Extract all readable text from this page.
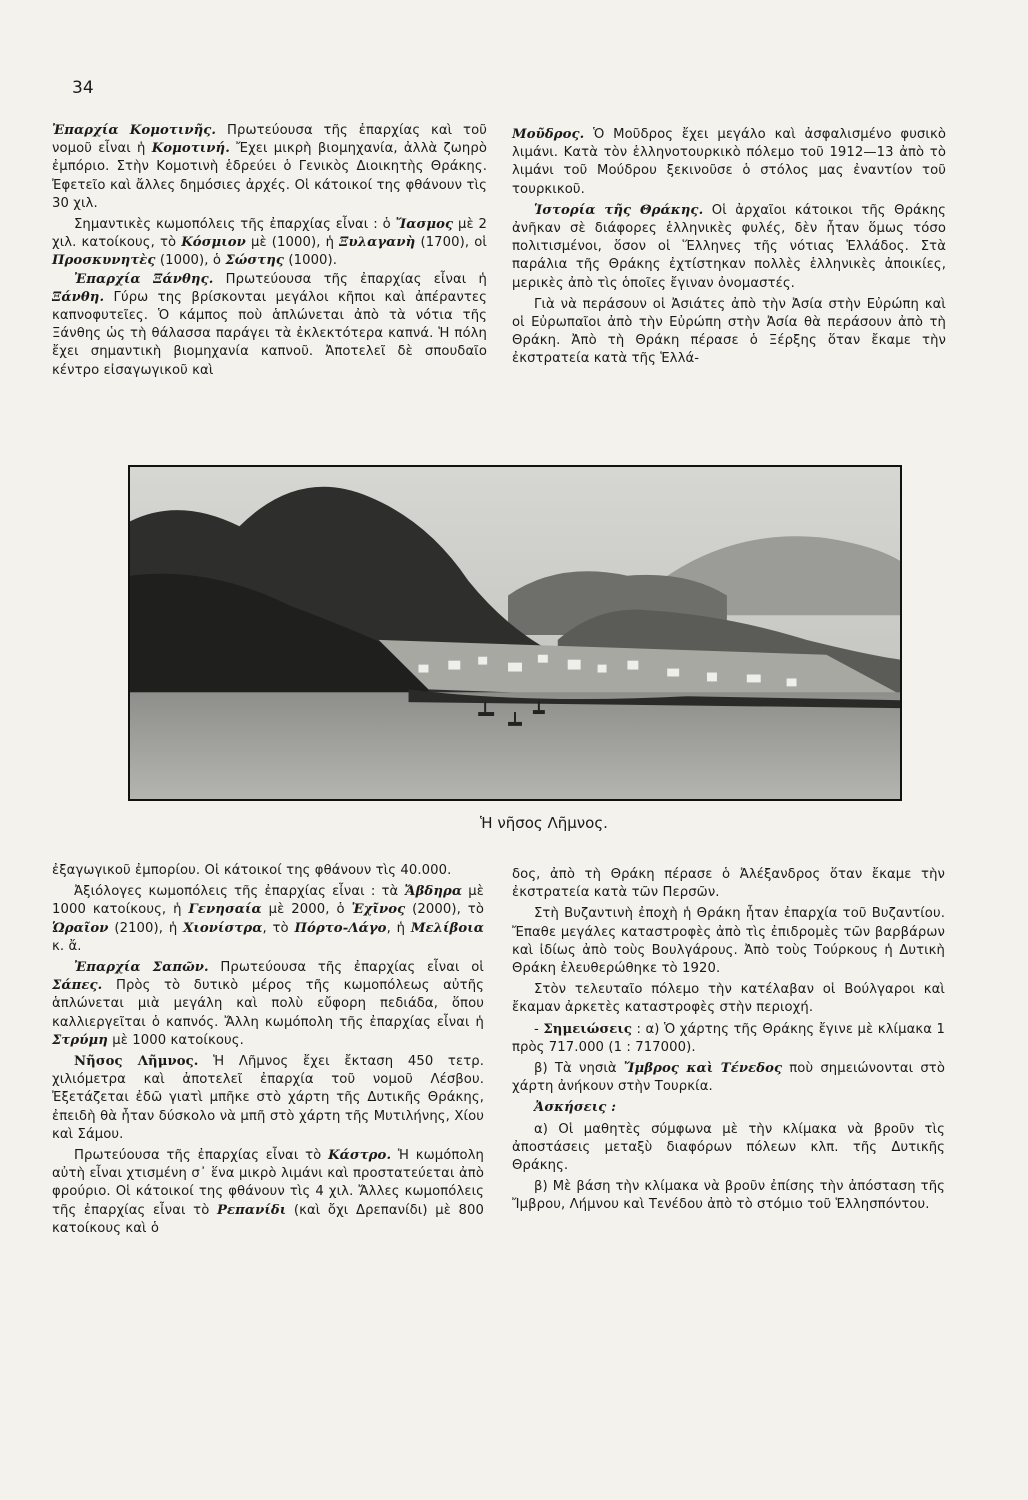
34

Ἐπαρχία Κομοτινῆς. Πρωτεύουσα τῆς ἐπαρχίας καὶ τοῦ νομοῦ εἶναι ἡ Κομοτινή. Ἔχει μικρὴ βιομηχανία, ἀλλὰ ζωηρὸ ἐμπόριο. Στὴν Κομοτινὴ ἑδρεύει ὁ Γενικὸς Διοικητὴς Θράκης. Ἐφετεῖο καὶ ἄλλες δημόσιες ἀρχές. Οἱ κάτοικοί της φθάνουν τὶς 30 χιλ.

Σημαντικὲς κωμοπόλεις τῆς ἐπαρχίας εἶναι : ὁ Ἴασμος μὲ 2 χιλ. κατοίκους, τὸ Κόσμιον μὲ (1000), ἡ Ξυλαγανὴ (1700), οἱ Προσκυνητὲς (1000), ὁ Σώστης (1000).

Ἐπαρχία Ξάνθης. Πρωτεύουσα τῆς ἐπαρχίας εἶναι ἡ Ξάνθη. Γύρω της βρίσκονται μεγάλοι κῆποι καὶ ἀπέραντες καπνοφυτεῖες. Ὁ κάμπος ποὺ ἁπλώνεται ἀπὸ τὰ νότια τῆς Ξάνθης ὡς τὴ θάλασσα παράγει τὰ ἐκλεκτότερα καπνά. Ἡ πόλη ἔχει σημαντικὴ βιομηχανία καπνοῦ. Ἀποτελεῖ δὲ σπουδαῖο κέντρο εἰσαγωγικοῦ καὶ

Μοῦδρος. Ὁ Μοῦδρος ἔχει μεγάλο καὶ ἀσφαλισμένο φυσικὸ λιμάνι. Κατὰ τὸν ἑλληνοτουρκικὸ πόλεμο τοῦ 1912—13 ἀπὸ τὸ λιμάνι τοῦ Μούδρου ξεκινοῦσε ὁ στόλος μας ἐναντίον τοῦ τουρκικοῦ.

Ἱστορία τῆς Θράκης. Οἱ ἀρχαῖοι κάτοικοι τῆς Θράκης ἀνῆκαν σὲ διάφορες ἑλληνικὲς φυλές, δὲν ἦταν ὅμως τόσο πολιτισμένοι, ὅσον οἱ Ἕλληνες τῆς νότιας Ἑλλάδος. Στὰ παράλια τῆς Θράκης ἐχτίστηκαν πολλὲς ἑλληνικὲς ἀποικίες, μερικὲς ἀπὸ τὶς ὁποῖες ἔγιναν ὀνομαστές.

Γιὰ νὰ περάσουν οἱ Ἀσιάτες ἀπὸ τὴν Ἀσία στὴν Εὐρώπη καὶ οἱ Εὐρωπαῖοι ἀπὸ τὴν Εὐρώπη στὴν Ἀσία θὰ περάσουν ἀπὸ τὴ Θράκη. Ἀπὸ τὴ Θράκη πέρασε ὁ Ξέρξης ὅταν ἔκαμε τὴν ἐκστρατεία κατὰ τῆς Ἑλλά-

Ἡ νῆσος Λῆμνος.

ἐξαγωγικοῦ ἐμπορίου. Οἱ κάτοικοί της φθάνουν τὶς 40.000.

Ἀξιόλογες κωμοπόλεις τῆς ἐπαρχίας εἶναι : τὰ Ἄβδηρα μὲ 1000 κατοίκους, ἡ Γενησαία μὲ 2000, ὁ Ἐχῖνος (2000), τὸ Ὡραῖον (2100), ἡ Χιονίστρα, τὸ Πόρτο-Λάγο, ἡ Μελίβοια κ. ἄ.

Ἐπαρχία Σαπῶν. Πρωτεύουσα τῆς ἐπαρχίας εἶναι οἱ Σάπες. Πρὸς τὸ δυτικὸ μέρος τῆς κωμοπόλεως αὐτῆς ἁπλώνεται μιὰ μεγάλη καὶ πολὺ εὔφορη πεδιάδα, ὅπου καλλιεργεῖται ὁ καπνός. Ἄλλη κωμόπολη τῆς ἐπαρχίας εἶναι ἡ Στρύμη μὲ 1000 κατοίκους.

Νῆσος Λῆμνος. Ἡ Λῆμνος ἔχει ἔκταση 450 τετρ. χιλιόμετρα καὶ ἀποτελεῖ ἐπαρχία τοῦ νομοῦ Λέσβου. Ἐξετάζεται ἐδῶ γιατὶ μπῆκε στὸ χάρτη τῆς Δυτικῆς Θράκης, ἐπειδὴ θὰ ἦταν δύσκολο νὰ μπῆ στὸ χάρτη τῆς Μυτιλήνης, Χίου καὶ Σάμου.

Πρωτεύουσα τῆς ἐπαρχίας εἶναι τὸ Κάστρο. Ἡ κωμόπολη αὐτὴ εἶναι χτισμένη σ᾽ ἕνα μικρὸ λιμάνι καὶ προστατεύεται ἀπὸ φρούριο. Οἱ κάτοικοί της φθάνουν τὶς 4 χιλ. Ἄλλες κωμοπόλεις τῆς ἐπαρχίας εἶναι τὸ Ρεπανίδι (καὶ ὄχι Δρεπανίδι) μὲ 800 κατοίκους καὶ ὁ

δος, ἀπὸ τὴ Θράκη πέρασε ὁ Ἀλέξανδρος ὅταν ἔκαμε τὴν ἐκστρατεία κατὰ τῶν Περσῶν.

Στὴ Βυζαντινὴ ἐποχὴ ἡ Θράκη ἦταν ἐπαρχία τοῦ Βυζαντίου. Ἔπαθε μεγάλες καταστροφὲς ἀπὸ τὶς ἐπιδρομὲς τῶν βαρβάρων καὶ ἰδίως ἀπὸ τοὺς Βουλγάρους. Ἀπὸ τοὺς Τούρκους ἡ Δυτικὴ Θράκη ἐλευθερώθηκε τὸ 1920.

Στὸν τελευταῖο πόλεμο τὴν κατέλαβαν οἱ Βούλγαροι καὶ ἔκαμαν ἀρκετὲς καταστροφὲς στὴν περιοχή.

- Σημειώσεις : α) Ὁ χάρτης τῆς Θράκης ἔγινε μὲ κλίμακα 1 πρὸς 717.000 (1 : 717000).

β) Τὰ νησιὰ Ἴμβρος καὶ Τένεδος ποὺ σημειώνονται στὸ χάρτη ἀνήκουν στὴν Τουρκία.

Ἀσκήσεις :

α) Οἱ μαθητὲς σύμφωνα μὲ τὴν κλίμακα νὰ βροῦν τὶς ἀποστάσεις μεταξὺ διαφόρων πόλεων κλπ. τῆς Δυτικῆς Θράκης.

β) Μὲ βάση τὴν κλίμακα νὰ βροῦν ἐπίσης τὴν ἀπόσταση τῆς Ἴμβρου, Λήμνου καὶ Τενέδου ἀπὸ τὸ στόμιο τοῦ Ἑλλησπόντου.
